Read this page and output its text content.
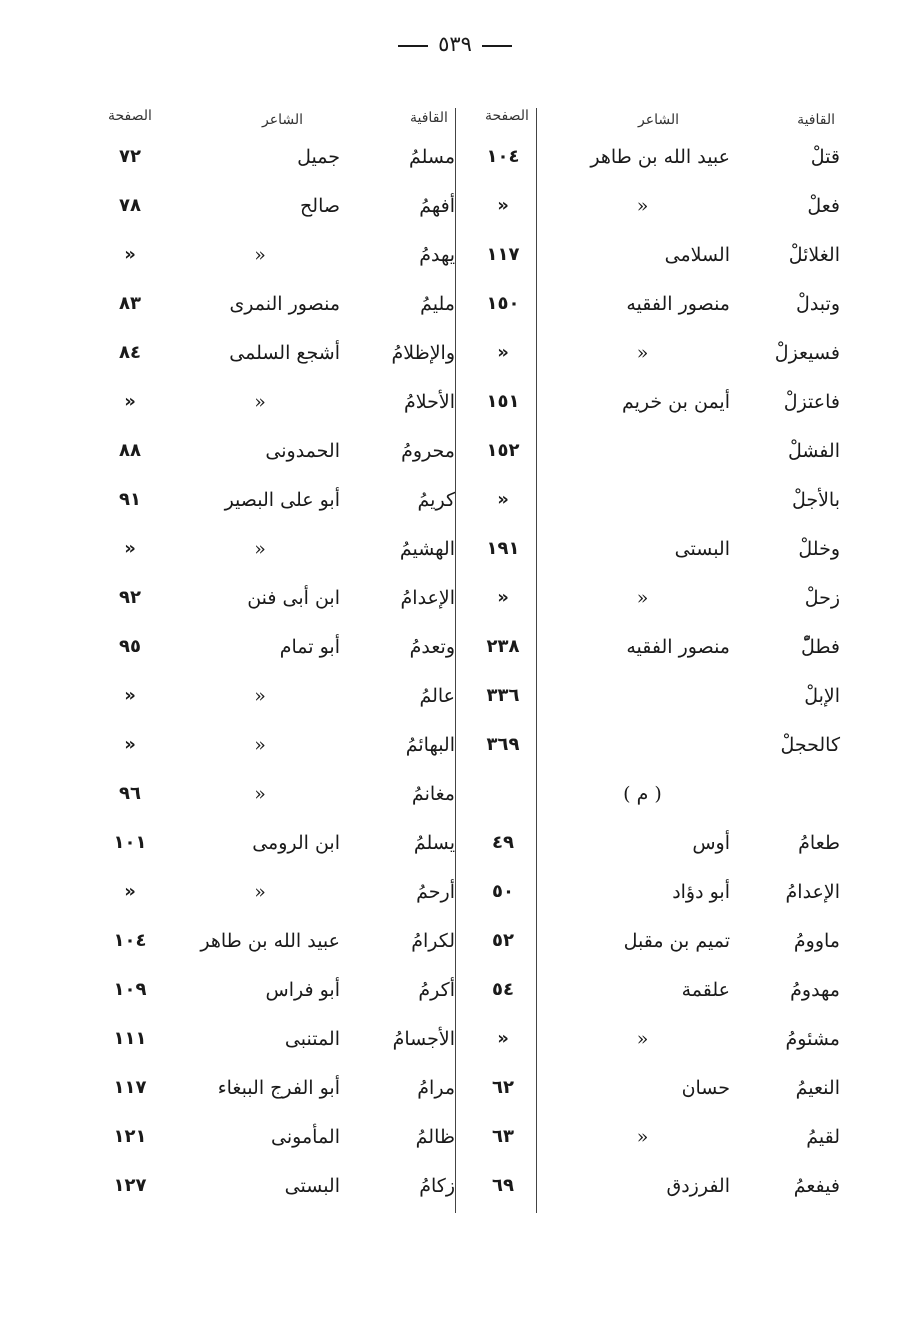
٥٣٩
القافية
الشاعر
الصفحة
القافية
الشاعر
الصفحة
قتلْ
فعلْ
الغلائلْ
وتبدلْ
فسيعزلْ
فاعتزلْ
الفشلْ
بالأجلْ
وخللْ
زحلْ
فطلّْ
الإبلْ
كالحجلْ
طعامُ
الإعدامُ
ماوومُ
مهدومُ
مشئومُ
النعيمُ
لقيمُ
فيفعمُ
عبيد الله بن طاهر
«
السلامى
منصور الفقيه
«
أيمن بن خريم
البستى
«
منصور الفقيه
( م )
أوس
أبو دؤاد
تميم بن مقبل
علقمة
«
حسان
«
الفرزدق
١٠٤
«
١١٧
١٥٠
«
١٥١
١٥٢
«
١٩١
«
٢٣٨
٣٣٦
٣٦٩
٤٩
٥٠
٥٢
٥٤
«
٦٢
٦٣
٦٩
مسلمُ
أفهمُ
يهدمُ
مليمُ
والإظلامُ
الأحلامُ
محرومُ
كريمُ
الهشيمُ
الإعدامُ
وتعدمُ
عالمُ
البهائمُ
مغانمُ
يسلمُ
أرحمُ
لكرامُ
أكرمُ
الأجسامُ
مرامُ
ظالمُ
زكامُ
جميل
صالح
«
منصور النمرى
أشجع السلمى
«
الحمدونى
أبو على البصير
«
ابن أبى فنن
أبو تمام
«
«
«
ابن الرومى
«
عبيد الله بن طاهر
أبو فراس
المتنبى
أبو الفرج الببغاء
المأمونى
البستى
٧٢
٧٨
«
٨٣
٨٤
«
٨٨
٩١
«
٩٢
٩٥
«
«
٩٦
١٠١
«
١٠٤
١٠٩
١١١
١١٧
١٢١
١٢٧
